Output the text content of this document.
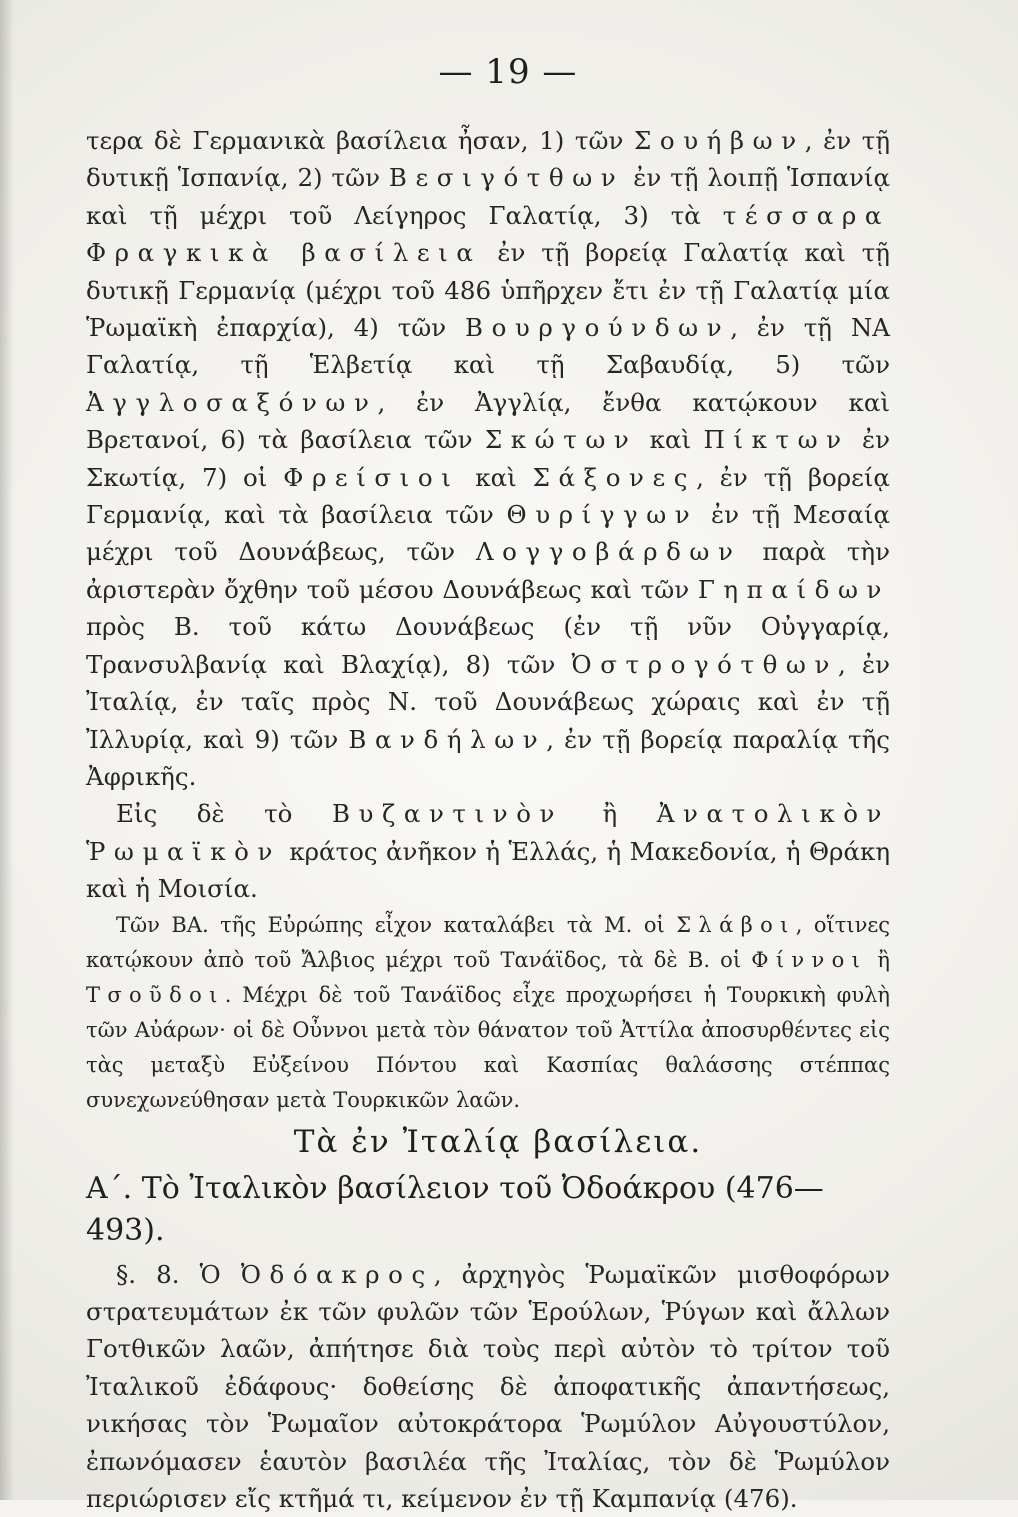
— 19 —

τερα δὲ Γερμανικὰ βασίλεια ἦσαν, 1) τῶν Σουήβων, ἐν τῇ δυτικῇ Ἱσπανίᾳ, 2) τῶν Βεσιγότθων ἐν τῇ λοιπῇ Ἱσπανίᾳ καὶ τῇ μέχρι τοῦ Λείγηρος Γαλατίᾳ, 3) τὰ τέσσαρα Φραγκικὰ βασίλεια ἐν τῇ βορείᾳ Γαλατίᾳ καὶ τῇ δυτικῇ Γερμανίᾳ (μέχρι τοῦ 486 ὑπῆρχεν ἔτι ἐν τῇ Γαλατίᾳ μία Ῥωμαϊκὴ ἐπαρχία), 4) τῶν Βουργούνδων, ἐν τῇ ΝΑ Γαλατίᾳ, τῇ Ἑλβετίᾳ καὶ τῇ Σαβαυδίᾳ, 5) τῶν Ἀγγλοσαξόνων, ἐν Ἀγγλίᾳ, ἔνθα κατῴκουν καὶ Βρετανοί, 6) τὰ βασίλεια τῶν Σκώτων καὶ Πίκτων ἐν Σκωτίᾳ, 7) οἱ Φρείσιοι καὶ Σάξονες, ἐν τῇ βορείᾳ Γερμανίᾳ, καὶ τὰ βασίλεια τῶν Θυρίγγων ἐν τῇ Μεσαίᾳ μέχρι τοῦ Δουνάβεως, τῶν Λογγοβάρδων παρὰ τὴν ἀριστερὰν ὄχθην τοῦ μέσου Δουνάβεως καὶ τῶν Γηπαίδων πρὸς Β. τοῦ κάτω Δουνάβεως (ἐν τῇ νῦν Οὐγγαρίᾳ, Τρανσυλβανίᾳ καὶ Βλαχίᾳ), 8) τῶν Ὀστρογότθων, ἐν Ἰταλίᾳ, ἐν ταῖς πρὸς Ν. τοῦ Δουνάβεως χώραις καὶ ἐν τῇ Ἰλλυρίᾳ, καὶ 9) τῶν Βανδήλων, ἐν τῇ βορείᾳ παραλίᾳ τῆς Ἀφρικῆς.

Εἰς δὲ τὸ Βυζαντινὸν ἢ Ἀνατολικὸν Ῥωμαϊκὸν κράτος ἀνῆκον ἡ Ἑλλάς, ἡ Μακεδονία, ἡ Θράκη καὶ ἡ Μοισία.

Τῶν ΒΑ. τῆς Εὐρώπης εἶχον καταλάβει τὰ Μ. οἱ Σλάβοι, οἵτινες κατῴκουν ἀπὸ τοῦ Ἄλβιος μέχρι τοῦ Τανάϊδος, τὰ δὲ Β. οἱ Φίννοι ἢ Τσοῦδοι. Μέχρι δὲ τοῦ Τανάϊδος εἶχε προχωρήσει ἡ Τουρκικὴ φυλὴ τῶν Αὐάρων· οἱ δὲ Οὖννοι μετὰ τὸν θάνατον τοῦ Ἀττίλα ἀποσυρθέντες εἰς τὰς μεταξὺ Εὐξείνου Πόντου καὶ Κασπίας θαλάσσης στέππας συνεχωνεύθησαν μετὰ Τουρκικῶν λαῶν.

Τὰ ἐν Ἰταλίᾳ βασίλεια.
Α΄. Τὸ Ἰταλικὸν βασίλειον τοῦ Ὀδοάκρου (476—493).

§. 8. Ὁ Ὀδόακρος, ἀρχηγὸς Ῥωμαϊκῶν μισθοφόρων στρατευμάτων ἐκ τῶν φυλῶν τῶν Ἑρούλων, Ῥύγων καὶ ἄλλων Γοτθικῶν λαῶν, ἀπήτησε διὰ τοὺς περὶ αὐτὸν τὸ τρίτον τοῦ Ἰταλικοῦ ἐδάφους· δοθείσης δὲ ἀποφατικῆς ἀπαντήσεως, νικήσας τὸν Ῥωμαῖον αὐτοκράτορα Ῥωμύλον Αὐγουστύλον, ἐπωνόμασεν ἑαυτὸν βασιλέα τῆς Ἰταλίας, τὸν δὲ Ῥωμύλον περιώρισεν εἴς κτῆμά τι, κείμενον ἐν τῇ Καμπανίᾳ (476).
